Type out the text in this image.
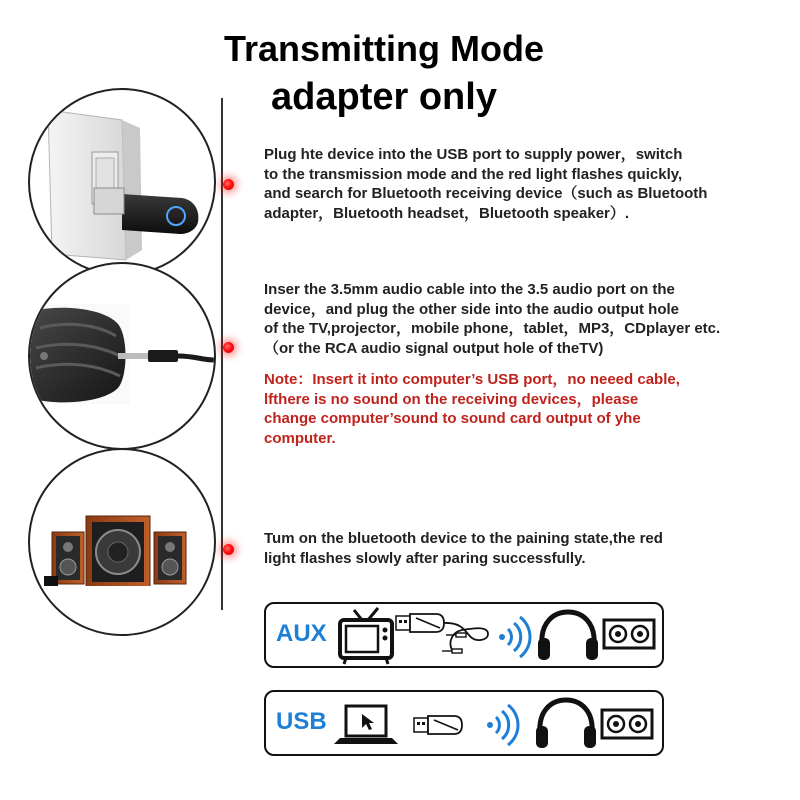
Transmitting Mode
adapter only
Plug hte device into the USB port to supply power，switch
to the transmission mode and the red light flashes quickly,
and search for Bluetooth receiving device（such as Bluetooth
adapter，Bluetooth headset，Bluetooth speaker）.
Inser the 3.5mm audio cable into the 3.5 audio port on the
device，and plug the other side into the audio output hole
of the TV,projector，mobile phone，tablet，MP3，CDplayer etc.
（or the RCA audio signal output hole of theTV)
Note：Insert it into computer’s USB port，no neeed cable,
lfthere is no sound on the receiving devices，please
change computer’sound to sound card output of yhe
computer.
Tum on the bluetooth device to the paining state,the red
light flashes slowly after paring successfully.
AUX
USB
